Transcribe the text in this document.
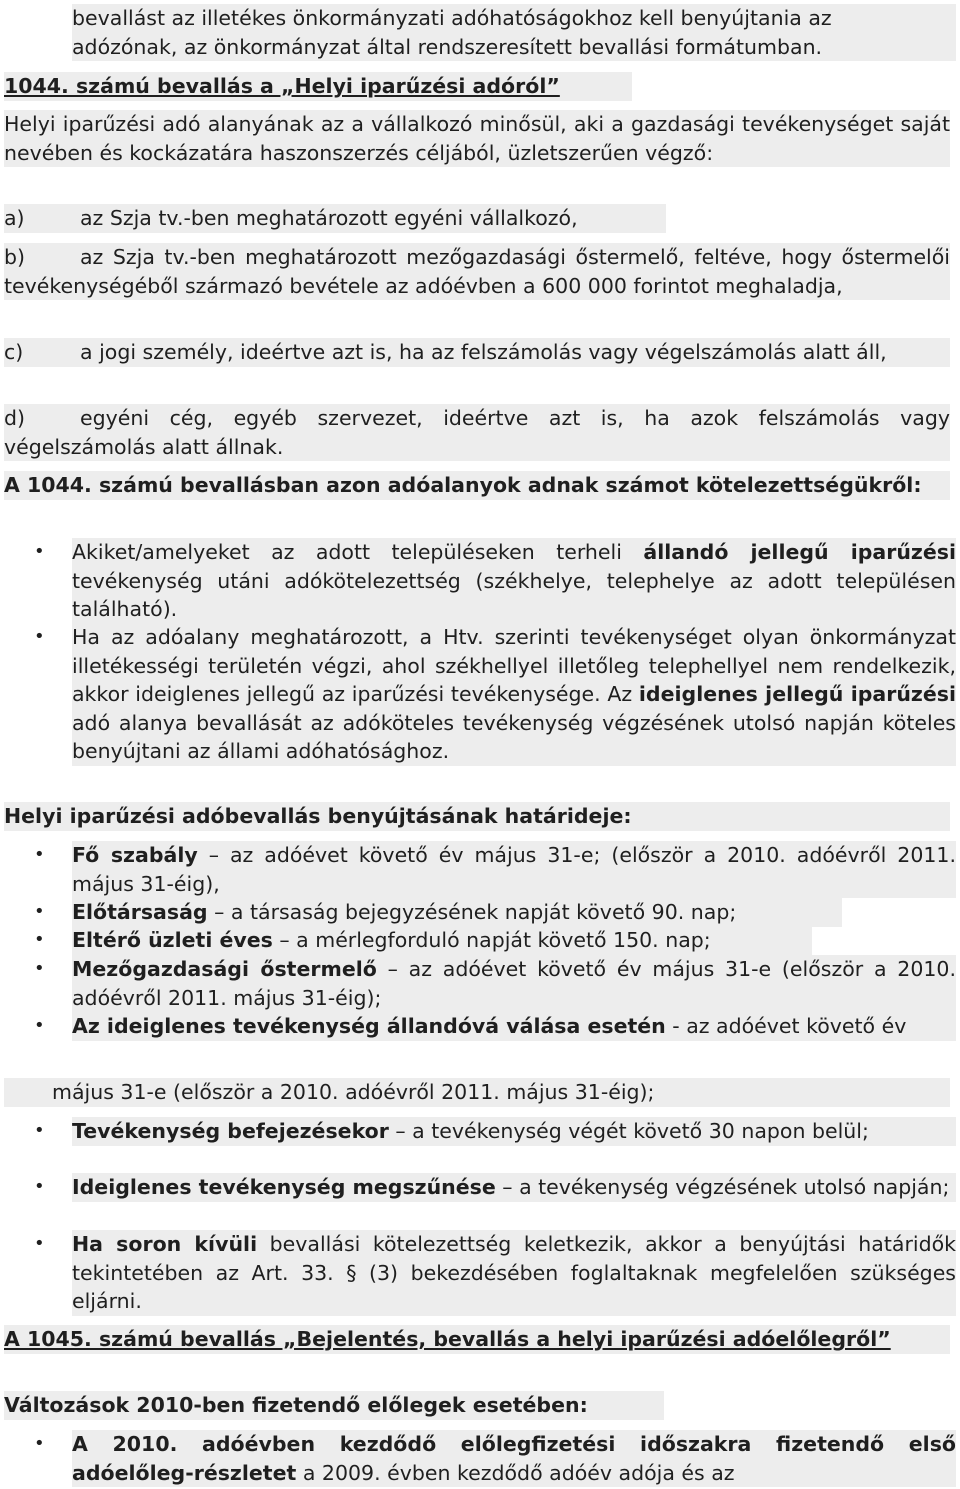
bevallást az illetékes önkormányzati adóhatóságokhoz kell benyújtania az
adózónak, az önkormányzat által rendszeresített bevallási formátumban.
1044. számú bevallás a „Helyi iparűzési adóról”
Helyi iparűzési adó alanyának az a vállalkozó minősül, aki a gazdasági tevékenységet saját nevében és kockázatára haszonszerzés céljából, üzletszerűen végző:
a)	az Szja tv.-ben meghatározott egyéni vállalkozó,
b)	az Szja tv.-ben meghatározott mezőgazdasági őstermelő, feltéve, hogy őstermelői tevékenységéből származó bevétele az adóévben a 600 000 forintot meghaladja,
c)	a jogi személy, ideértve azt is, ha az felszámolás vagy végelszámolás alatt áll,
d)	egyéni cég, egyéb szervezet, ideértve azt is, ha azok felszámolás vagy végelszámolás alatt állnak.
A 1044. számú bevallásban azon adóalanyok adnak számot kötelezettségükről:
• Akiket/amelyeket az adott településeken terheli állandó jellegű iparűzési tevékenység utáni adókötelezettség (székhelye, telephelye az adott településen található).
• Ha az adóalany meghatározott, a Htv. szerinti tevékenységet olyan önkormányzat illetékességi területén végzi, ahol székhellyel illetőleg telephellyel nem rendelkezik, akkor ideiglenes jellegű az iparűzési tevékenysége. Az ideiglenes jellegű iparűzési adó alanya bevallását az adóköteles tevékenység végzésének utolsó napján köteles benyújtani az állami adóhatósághoz.
Helyi iparűzési adóbevallás benyújtásának határideje:
• Fő szabály – az adóévet követő év május 31-e; (először a 2010. adóévről 2011. május 31-éig),
• Előtársaság – a társaság bejegyzésének napját követő 90. nap;
• Eltérő üzleti éves – a mérlegforduló napját követő 150. nap;
• Mezőgazdasági őstermelő – az adóévet követő év május 31-e (először a 2010. adóévről 2011. május 31-éig);
• Az ideiglenes tevékenység állandóvá válása esetén - az adóévet követő év
május 31-e (először a 2010. adóévről 2011. május 31-éig);
• Tevékenység befejezésekor – a tevékenység végét követő 30 napon belül;
• Ideiglenes tevékenység megszűnése – a tevékenység végzésének utolsó napján;
• Ha soron kívüli bevallási kötelezettség keletkezik, akkor a benyújtási határidők tekintetében az Art. 33. § (3) bekezdésében foglaltaknak megfelelően szükséges eljárni.
A 1045. számú bevallás „Bejelentés, bevallás a helyi iparűzési adóelőlegről”
Változások 2010-ben fizetendő előlegek esetében:
• A 2010. adóévben kezdődő előlegfizetési időszakra fizetendő első adóelőleg-részletet a 2009. évben kezdődő adóév adója és az
